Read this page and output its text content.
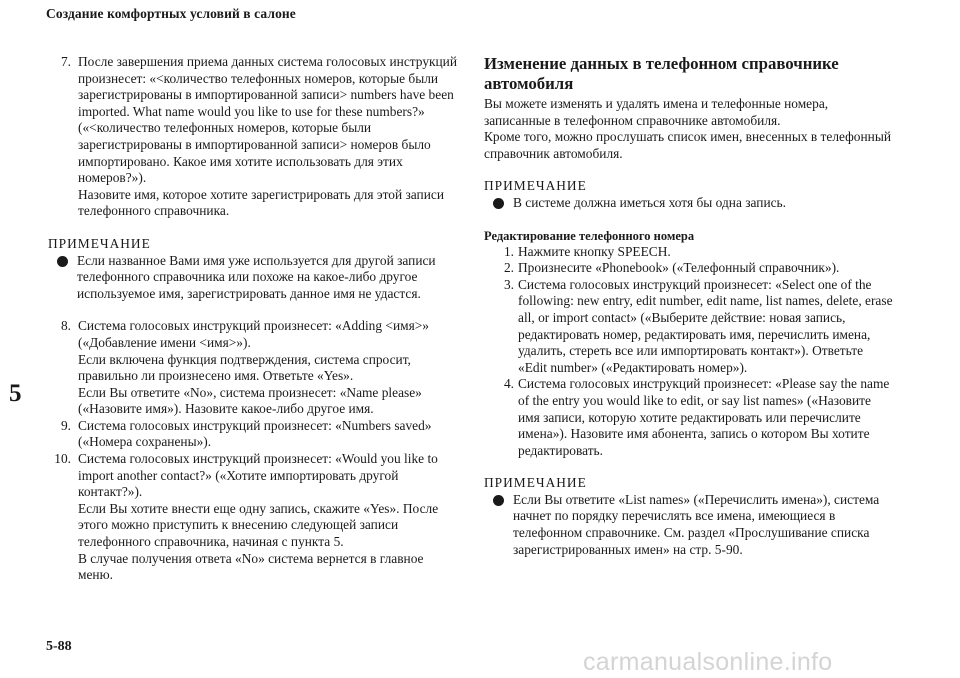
Создание комфортных условий в салоне
5
5-88
carmanualsonline.info
7. После завершения приема данных система голосовых инструкций произнесет: «<количество телефонных номеров, которые были зарегистрированы в импортированной записи> numbers have been imported. What name would you like to use for these numbers?» («<количество телефонных номеров, которые были зарегистрированы в импортированной записи> номеров было импортировано. Какое имя хотите использовать для этих номеров?»).

Назовите имя, которое хотите зарегистрировать для этой записи телефонного справочника.

ПРИМЕЧАНИЕ

Если названное Вами имя уже используется для другой записи телефонного справочника или похоже на какое-либо другое используемое имя, зарегистрировать данное имя не удастся.

8. Система голосовых инструкций произнесет: «Adding <имя>» («Добавление имени <имя>»).

Если включена функция подтверждения, система спросит, правильно ли произнесено имя. Ответьте «Yes».

Если Вы ответите «No», система произнесет: «Name please» («Назовите имя»). Назовите какое-либо другое имя.

9. Система голосовых инструкций произнесет: «Numbers saved» («Номера сохранены»).

10. Система голосовых инструкций произнесет: «Would you like to import another contact?» («Хотите импортировать другой контакт?»).

Если Вы хотите внести еще одну запись, скажите «Yes». После этого можно приступить к внесению следующей записи телефонного справочника, начиная с пункта 5.

В случае получения ответа «No» система вернется в главное меню.

Изменение данных в телефонном справочнике автомобиля

Вы можете изменять и удалять имена и телефонные номера, записанные в телефонном справочнике автомобиля.

Кроме того, можно прослушать список имен, внесенных в телефонный справочник автомобиля.

ПРИМЕЧАНИЕ

В системе должна иметься хотя бы одна запись.

Редактирование телефонного номера
1. Нажмите кнопку SPEECH.

2. Произнесите «Phonebook» («Телефонный справочник»).

3. Система голосовых инструкций произнесет: «Select one of the following: new entry, edit number, edit name, list names, delete, erase all, or import contact» («Выберите действие: новая запись, редактировать номер, редактировать имя, перечислить имена, удалить, стереть все или импортировать контакт»). Ответьте «Edit number» («Редактировать номер»).

4. Система голосовых инструкций произнесет: «Please say the name of the entry you would like to edit, or say list names» («Назовите имя записи, которую хотите редактировать или перечислите имена»). Назовите имя абонента, запись о котором Вы хотите редактировать.

ПРИМЕЧАНИЕ

Если Вы ответите «List names» («Перечислить имена»), система начнет по порядку перечислять все имена, имеющиеся в телефонном справочнике. См. раздел «Прослушивание списка зарегистрированных имен» на стр. 5-90.
